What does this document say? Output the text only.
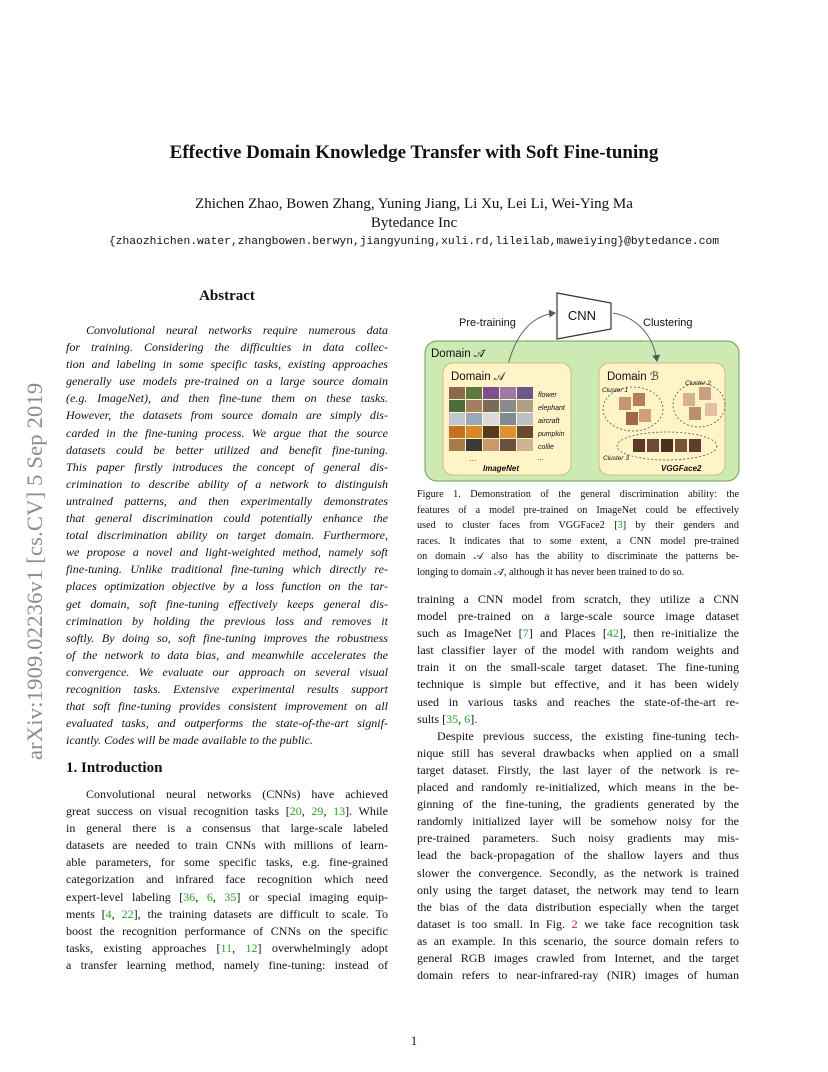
Effective Domain Knowledge Transfer with Soft Fine-tuning
Zhichen Zhao, Bowen Zhang, Yuning Jiang, Li Xu, Lei Li, Wei-Ying Ma
Bytedance Inc
{zhaozhichen.water,zhangbowen.berwyn,jiangyuning,xuli.rd,lileilab,maweiying}@bytedance.com
arXiv:1909.02236v1 [cs.CV] 5 Sep 2019
Abstract
Convolutional neural networks require numerous data
for training. Considering the difficulties in data collec-
tion and labeling in some specific tasks, existing approaches
generally use models pre-trained on a large source domain
(e.g. ImageNet), and then fine-tune them on these tasks.
However, the datasets from source domain are simply dis-
carded in the fine-tuning process. We argue that the source
datasets could be better utilized and benefit fine-tuning.
This paper firstly introduces the concept of general dis-
crimination to describe ability of a network to distinguish
untrained patterns, and then experimentally demonstrates
that general discrimination could potentially enhance the
total discrimination ability on target domain. Furthermore,
we propose a novel and light-weighted method, namely soft
fine-tuning. Unlike traditional fine-tuning which directly re-
places optimization objective by a loss function on the tar-
get domain, soft fine-tuning effectively keeps general dis-
crimination by holding the previous loss and removes it
softly. By doing so, soft fine-tuning improves the robustness
of the network to data bias, and meanwhile accelerates the
convergence. We evaluate our approach on several visual
recognition tasks. Extensive experimental results support
that soft fine-tuning provides consistent improvement on all
evaluated tasks, and outperforms the state-of-the-art signif-
icantly. Codes will be made available to the public.
1. Introduction
Convolutional neural networks (CNNs) have achieved
great success on visual recognition tasks [20, 29, 13]. While
in general there is a consensus that large-scale labeled
datasets are needed to train CNNs with millions of learn-
able parameters, for some specific tasks, e.g. fine-grained
categorization and infrared face recognition which need
expert-level labeling [36, 6, 35] or special imaging equip-
ments [4, 22], the training datasets are difficult to scale. To
boost the recognition performance of CNNs on the specific
tasks, existing approaches [11, 12] overwhelmingly adopt
a transfer learning method, namely fine-tuning: instead of
CNN
Pre-training	Clustering
Domain 𝒜̄
Domain 𝒜
...
flower
elephant
aircraft
pumpkin
collie
...
ImageNet
Domain ℬ
Cluster 1
Cluster 2
Cluster 3
VGGFace2
Figure 1. Demonstration of the general discrimination ability: the
features of a model pre-trained on ImageNet could be effectively
used to cluster faces from VGGFace2 [3] by their genders and
races. It indicates that to some extent, a CNN model pre-trained
on domain 𝒜 also has the ability to discriminate the patterns be-
longing to domain 𝒜̄, although it has never been trained to do so.
training a CNN model from scratch, they utilize a CNN
model pre-trained on a large-scale source image dataset
such as ImageNet [7] and Places [42], then re-initialize the
last classifier layer of the model with random weights and
train it on the small-scale target dataset. The fine-tuning
technique is simple but effective, and it has been widely
used in various tasks and reaches the state-of-the-art re-
sults [35, 6].
Despite previous success, the existing fine-tuning tech-
nique still has several drawbacks when applied on a small
target dataset. Firstly, the last layer of the network is re-
placed and randomly re-initialized, which means in the be-
ginning of the fine-tuning, the gradients generated by the
randomly initialized layer will be somehow noisy for the
pre-trained parameters. Such noisy gradients may mis-
lead the back-propagation of the shallow layers and thus
slower the convergence. Secondly, as the network is trained
only using the target dataset, the network may tend to learn
the bias of the data distribution especially when the target
dataset is too small. In Fig. 2 we take face recognition task
as an example. In this scenario, the source domain refers to
general RGB images crawled from Internet, and the target
domain refers to near-infrared-ray (NIR) images of human
1
